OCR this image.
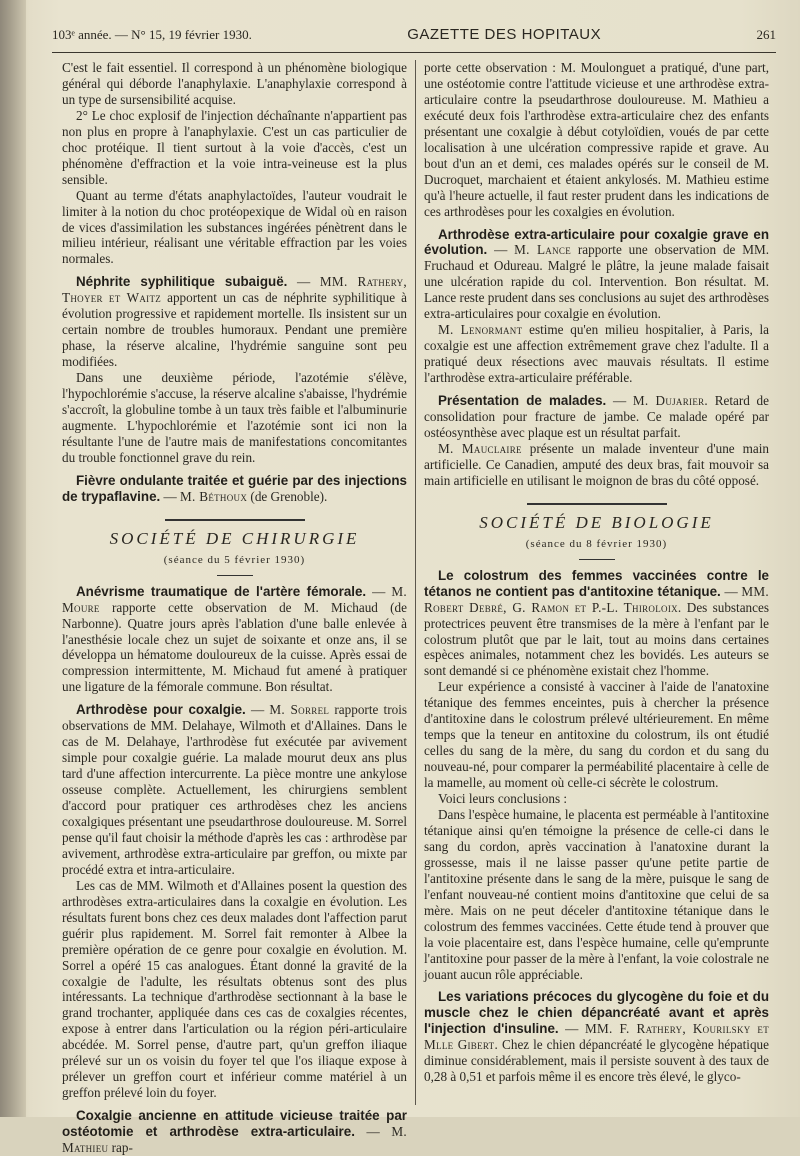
103ᵉ année. — N° 15, 19 février 1930.	GAZETTE DES HOPITAUX	261

C'est le fait essentiel. Il correspond à un phénomène biologique général qui déborde l'anaphylaxie. L'anaphylaxie correspond à un type de sursensibilité acquise.

2° Le choc explosif de l'injection déchaînante n'appartient pas non plus en propre à l'anaphylaxie. C'est un cas particulier de choc protéique. Il tient surtout à la voie d'accès, c'est un phénomène d'effraction et la voie intra-veineuse est la plus sensible.

Quant au terme d'états anaphylactoïdes, l'auteur voudrait le limiter à la notion du choc protéopexique de Widal où en raison de vices d'assimilation les substances ingérées pénètrent dans le milieu intérieur, réalisant une véritable effraction par les voies normales.

Néphrite syphilitique subaiguë. — MM. Rathery, Thoyer et Waitz apportent un cas de néphrite syphilitique à évolution progressive et rapidement mortelle. Ils insistent sur un certain nombre de troubles humoraux. Pendant une première phase, la réserve alcaline, l'hydrémie sanguine sont peu modifiées.

Dans une deuxième période, l'azotémie s'élève, l'hypochlorémie s'accuse, la réserve alcaline s'abaisse, l'hydrémie s'accroît, la globuline tombe à un taux très faible et l'albuminurie augmente. L'hypochlorémie et l'azotémie sont ici non la résultante l'une de l'autre mais de manifestations concomitantes du trouble fonctionnel grave du rein.

Fièvre ondulante traitée et guérie par des injections de trypaflavine. — M. Béthoux (de Grenoble).

SOCIÉTÉ DE CHIRURGIE

(séance du 5 février 1930)

Anévrisme traumatique de l'artère fémorale. — M. Moure rapporte cette observation de M. Michaud (de Narbonne). Quatre jours après l'ablation d'une balle enlevée à l'anesthésie locale chez un sujet de soixante et onze ans, il se développa un hématome douloureux de la cuisse. Après essai de compression intermittente, M. Michaud fut amené à pratiquer une ligature de la fémorale commune. Bon résultat.

Arthrodèse pour coxalgie. — M. Sorrel rapporte trois observations de MM. Delahaye, Wilmoth et d'Allaines. Dans le cas de M. Delahaye, l'arthrodèse fut exécutée par avivement simple pour coxalgie guérie. La malade mourut deux ans plus tard d'une affection intercurrente. La pièce montre une ankylose osseuse complète. Actuellement, les chirurgiens semblent d'accord pour pratiquer ces arthrodèses chez les anciens coxalgiques présentant une pseudarthrose douloureuse. M. Sorrel pense qu'il faut choisir la méthode d'après les cas : arthrodèse par avivement, arthrodèse extra-articulaire par greffon, ou mixte par procédé extra et intra-articulaire.

Les cas de MM. Wilmoth et d'Allaines posent la question des arthrodèses extra-articulaires dans la coxalgie en évolution. Les résultats furent bons chez ces deux malades dont l'affection parut guérir plus rapidement. M. Sorrel fait remonter à Albee la première opération de ce genre pour coxalgie en évolution. M. Sorrel a opéré 15 cas analogues. Étant donné la gravité de la coxalgie de l'adulte, les résultats obtenus sont des plus intéressants. La technique d'arthrodèse sectionnant à la base le grand trochanter, appliquée dans ces cas de coxalgies récentes, expose à entrer dans l'articulation ou la région péri-articulaire abcédée. M. Sorrel pense, d'autre part, qu'un greffon iliaque prélevé sur un os voisin du foyer tel que l'os iliaque expose à prélever un greffon court et inférieur comme matériel à un greffon prélevé loin du foyer.

Coxalgie ancienne en attitude vicieuse traitée par ostéotomie et arthrodèse extra-articulaire. — M. Mathieu rap-

porte cette observation : M. Moulonguet a pratiqué, d'une part, une ostéotomie contre l'attitude vicieuse et une arthrodèse extra-articulaire contre la pseudarthrose douloureuse. M. Mathieu a exécuté deux fois l'arthrodèse extra-articulaire chez des enfants présentant une coxalgie à début cotyloïdien, voués de par cette localisation à une ulcération compressive rapide et grave. Au bout d'un an et demi, ces malades opérés sur le conseil de M. Ducroquet, marchaient et étaient ankylosés. M. Mathieu estime qu'à l'heure actuelle, il faut rester prudent dans les indications de ces arthrodèses pour les coxalgies en évolution.

Arthrodèse extra-articulaire pour coxalgie grave en évolution. — M. Lance rapporte une observation de MM. Fruchaud et Odureau. Malgré le plâtre, la jeune malade faisait une ulcération rapide du col. Intervention. Bon résultat. M. Lance reste prudent dans ses conclusions au sujet des arthrodèses extra-articulaires pour coxalgie en évolution.

M. Lenormant estime qu'en milieu hospitalier, à Paris, la coxalgie est une affection extrêmement grave chez l'adulte. Il a pratiqué deux résections avec mauvais résultats. Il estime l'arthrodèse extra-articulaire préférable.

Présentation de malades. — M. Dujarier. Retard de consolidation pour fracture de jambe. Ce malade opéré par ostéosynthèse avec plaque est un résultat parfait.

M. Mauclaire présente un malade inventeur d'une main artificielle. Ce Canadien, amputé des deux bras, fait mouvoir sa main artificielle en utilisant le moignon de bras du côté opposé.

SOCIÉTÉ DE BIOLOGIE

(séance du 8 février 1930)

Le colostrum des femmes vaccinées contre le tétanos ne contient pas d'antitoxine tétanique. — MM. Robert Debré, G. Ramon et P.-L. Thiroloix. Des substances protectrices peuvent être transmises de la mère à l'enfant par le colostrum plutôt que par le lait, tout au moins dans certaines espèces animales, notamment chez les bovidés. Les auteurs se sont demandé si ce phénomène existait chez l'homme.

Leur expérience a consisté à vacciner à l'aide de l'anatoxine tétanique des femmes enceintes, puis à chercher la présence d'antitoxine dans le colostrum prélevé ultérieurement. En même temps que la teneur en antitoxine du colostrum, ils ont étudié celles du sang de la mère, du sang du cordon et du sang du nouveau-né, pour comparer la perméabilité placentaire à celle de la mamelle, au moment où celle-ci sécrète le colostrum.

Voici leurs conclusions :

Dans l'espèce humaine, le placenta est perméable à l'antitoxine tétanique ainsi qu'en témoigne la présence de celle-ci dans le sang du cordon, après vaccination à l'anatoxine durant la grossesse, mais il ne laisse passer qu'une petite partie de l'antitoxine présente dans le sang de la mère, puisque le sang de l'enfant nouveau-né contient moins d'antitoxine que celui de sa mère. Mais on ne peut déceler d'antitoxine tétanique dans le colostrum des femmes vaccinées. Cette étude tend à prouver que la voie placentaire est, dans l'espèce humaine, celle qu'emprunte l'antitoxine pour passer de la mère à l'enfant, la voie colostrale ne jouant aucun rôle appréciable.

Les variations précoces du glycogène du foie et du muscle chez le chien dépancréaté avant et après l'injection d'insuline. — MM. F. Rathery, Kourilsky et Mlle Gibert. Chez le chien dépancréaté le glycogène hépatique diminue considérablement, mais il persiste souvent à des taux de 0,28 à 0,51 et parfois même il es encore très élevé, le glyco-
